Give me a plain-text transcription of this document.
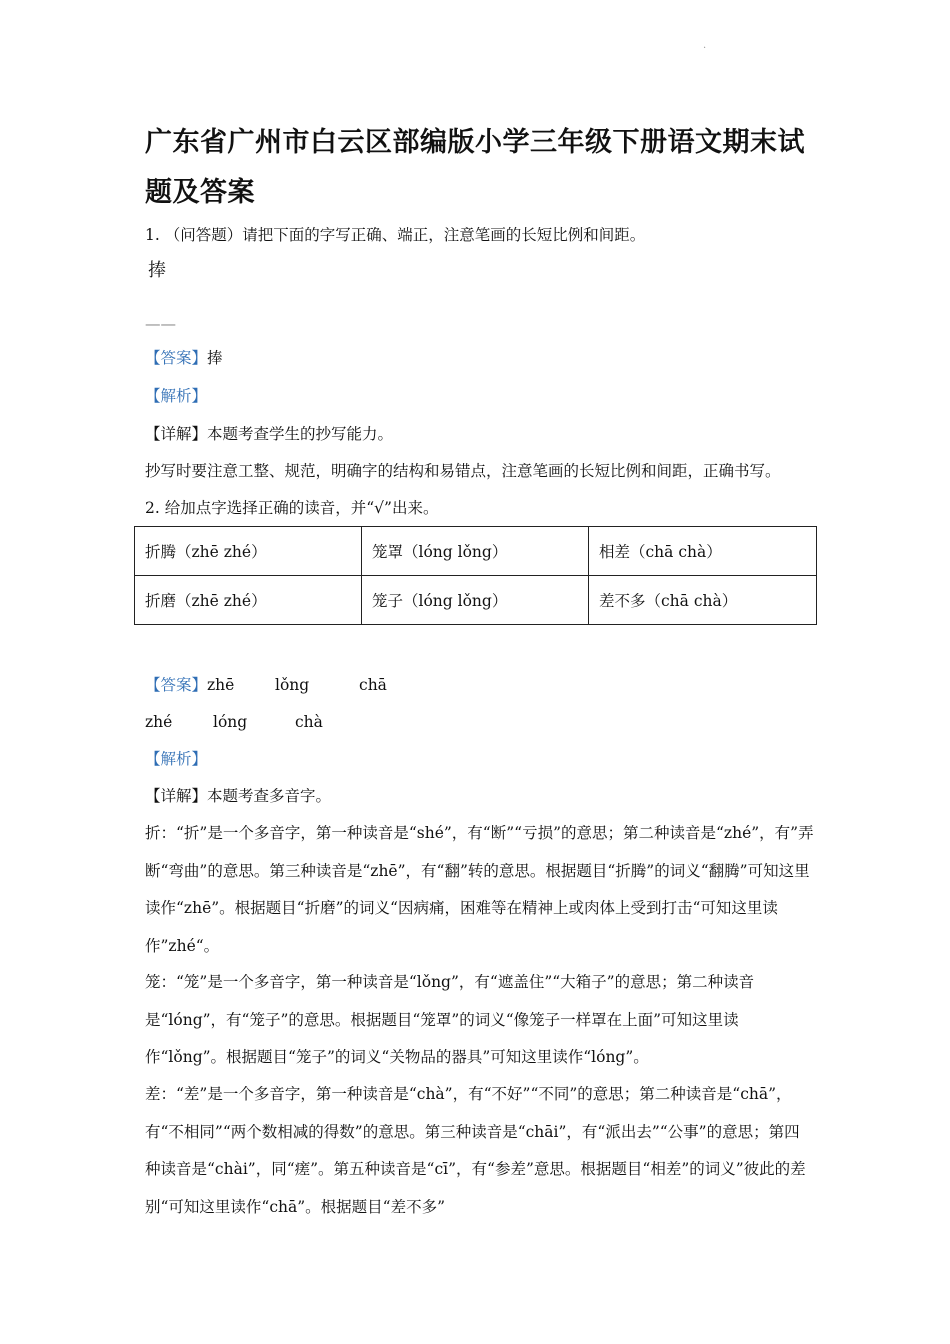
.
广东省广州市白云区部编版小学三年级下册语文期末试题及答案
1. （问答题）请把下面的字写正确、端正，注意笔画的长短比例和间距。
捧
——
【答案】捧
【解析】
【详解】本题考查学生的抄写能力。
抄写时要注意工整、规范，明确字的结构和易错点，注意笔画的长短比例和间距，正确书写。
2. 给加点字选择正确的读音，并“√”出来。
折腾（zhē zhé）	笼罩（lóng lǒng）	相差（chā chà）
折磨（zhē zhé）	笼子（lóng lǒng）	差不多（chā chà）
【答案】zhē	lǒng	chā
zhé	lóng	chà
【解析】
【详解】本题考查多音字。
折：“折”是一个多音字，第一种读音是“shé”，有“断”“亏损”的意思；第二种读音是“zhé”，有”弄断“弯曲”的意思。第三种读音是“zhē”，有“翻”转的意思。根据题目“折腾”的词义“翻腾”可知这里读作“zhē”。根据题目“折磨”的词义“因病痛，困难等在精神上或肉体上受到打击“可知这里读作”zhé“。
笼：“笼”是一个多音字，第一种读音是“lǒng”，有“遮盖住”“大箱子”的意思；第二种读音是“lóng”，有“笼子”的意思。根据题目“笼罩”的词义“像笼子一样罩在上面”可知这里读作“lǒng”。根据题目“笼子”的词义“关物品的器具”可知这里读作“lóng”。
差：“差”是一个多音字，第一种读音是“chà”，有“不好”“不同”的意思；第二种读音是“chā”，有“不相同”“两个数相减的得数”的意思。第三种读音是“chāi”，有“派出去”“公事”的意思；第四种读音是“chài”，同“瘥”。第五种读音是“cī”，有“参差”意思。根据题目“相差”的词义”彼此的差别“可知这里读作“chā”。根据题目“差不多”
